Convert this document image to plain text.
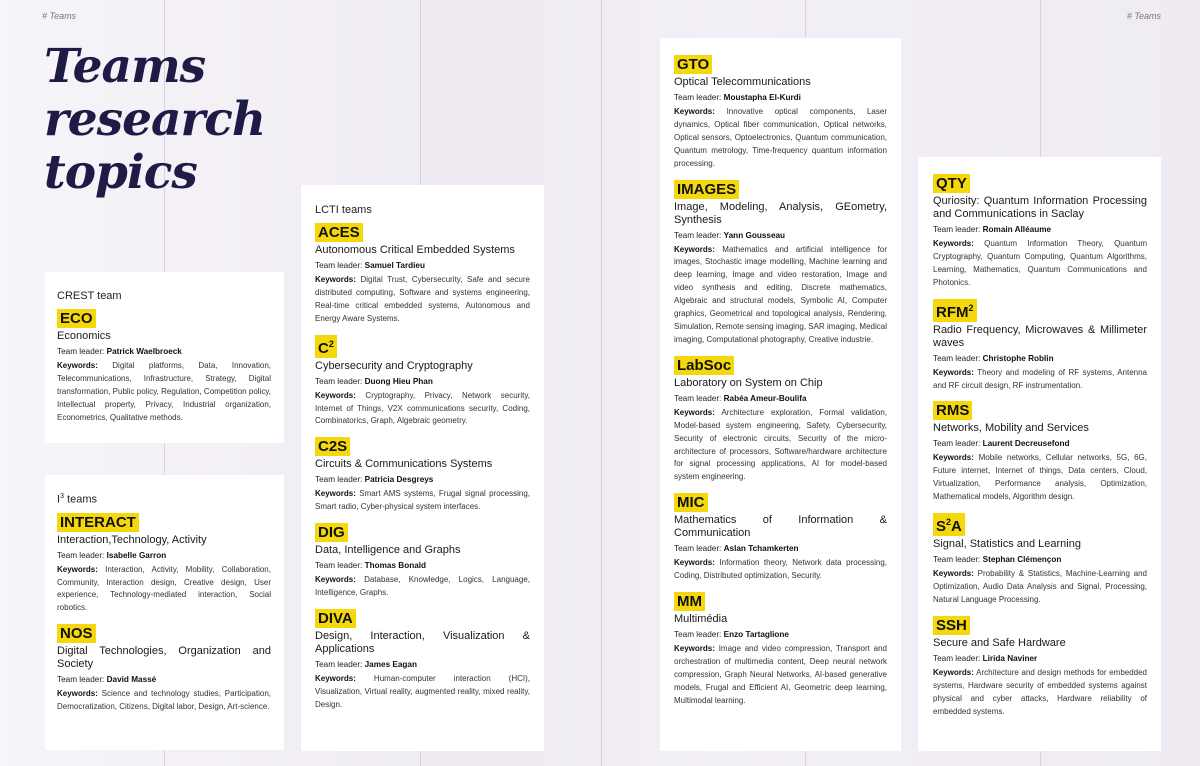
# Teams	# Teams
Teams
research
topics
CREST team
ECO
Economics
Team leader: Patrick Waelbroeck
Keywords: Digital platforms, Data, Innovation, Telecommunications, Infrastructure, Strategy, Digital transformation, Public policy, Regulation, Competition policy, Intellectual property, Privacy, Industrial organization, Econometrics, Qualitative methods.
$I^3$ teams
INTERACT
Interaction,Technology, Activity
Team leader: Isabelle Garron
Keywords: Interaction, Activity, Mobility, Collaboration, Community, Interaction design, Creative design, User experience, Technology-mediated interaction, Social robotics.
NOS
Digital Technologies, Organization and Society
Team leader: David Massé
Keywords: Science and technology studies, Participation, Democratization, Citizens, Digital labor, Design, Art-science.
LCTI teams
ACES
Autonomous Critical Embedded Systems
Team leader: Samuel Tardieu
Keywords: Digital Trust, Cybersecurity, Safe and secure distributed computing, Software and systems engineering, Real-time critical embedded systems, Autonomous and Energy Aware Systems.
$C^2$
Cybersecurity and Cryptography
Team leader: Duong Hieu Phan
Keywords: Cryptography, Privacy, Network security, Internet of Things, V2X communications security, Coding, Combinatorics, Graph, Algebraic geometry.
C2S
Circuits & Communications Systems
Team leader: Patricia Desgreys
Keywords: Smart AMS systems, Frugal signal processing, Smart radio, Cyber-physical system interfaces.
DIG
Data, Intelligence and Graphs
Team leader: Thomas Bonald
Keywords: Database, Knowledge, Logics, Language, Intelligence, Graphs.
DIVA
Design, Interaction, Visualization & Applications
Team leader: James Eagan
Keywords: Human-computer interaction (HCI), Visualization, Virtual reality, augmented reality, mixed reality, Design.
GTO
Optical Telecommunications
Team leader: Moustapha El-Kurdi
Keywords: Innovative optical components, Laser dynamics, Optical fiber communication, Optical networks, Optical sensors, Optoelectronics, Quantum communication, Quantum metrology, Time-frequency quantum information processing.
IMAGES
Image, Modeling, Analysis, GEometry, Synthesis
Team leader: Yann Gousseau
Keywords: Mathematics and artificial intelligence for images, Stochastic image modelling, Machine learning and deep learning, Image and video restoration, Image and video synthesis and editing, Discrete mathematics, Algebraic and structural models, Symbolic AI, Computer graphics, Geometrical and topological analysis, Rendering, Simulation, Remote sensing imaging, SAR imaging, Medical imaging, Computational photography, Creative industrie.
LabSoc
Laboratory on System on Chip
Team leader: Rabéa Ameur-Boulifa
Keywords: Architecture exploration, Formal validation, Model-based system engineering, Safety, Cybersecurity, Security of electronic circuits, Security of the micro-architecture of processors, Software/hardware architecture for signal processing applications, AI for model-based system engineering.
MIC
Mathematics of Information & Communication
Team leader: Aslan Tchamkerten
Keywords: Information theory, Network data processing, Coding, Distributed optimization, Security.
MM
Multimédia
Team leader: Enzo Tartaglione
Keywords: Image and video compression, Transport and orchestration of multimedia content, Deep neural network compression, Graph Neural Networks, AI-based generative models, Frugal and Efficient AI, Geometric deep learning, Multimodal learning.
QTY
Quriosity: Quantum Information Processing and Communications in Saclay
Team leader: Romain Alléaume
Keywords: Quantum Information Theory, Quantum Cryptography, Quantum Computing, Quantum Algorithms, Learning, Mathematics, Quantum Communications and Photonics.
RFM$^2$
Radio Frequency, Microwaves & Millimeter waves
Team leader: Christophe Roblin
Keywords: Theory and modeling of RF systems, Antenna and RF circuit design, RF instrumentation.
RMS
Networks, Mobility and Services
Team leader: Laurent Decreusefond
Keywords: Mobile networks, Cellular networks, 5G, 6G, Future internet, Internet of things, Data centers, Cloud, Virtualization, Performance analysis, Optimization, Mathematical models, Algorithm design.
$S^2A$
Signal, Statistics and Learning
Team leader: Stephan Clémençon
Keywords: Probability & Statistics, Machine-Learning and Optimization, Audio Data Analysis and Signal, Processing, Natural Language Processing.
SSH
Secure and Safe Hardware
Team leader: Lirida Naviner
Keywords: Architecture and design methods for embedded systems, Hardware security of embedded systems against physical and cyber attacks, Hardware reliability of embedded systems.
